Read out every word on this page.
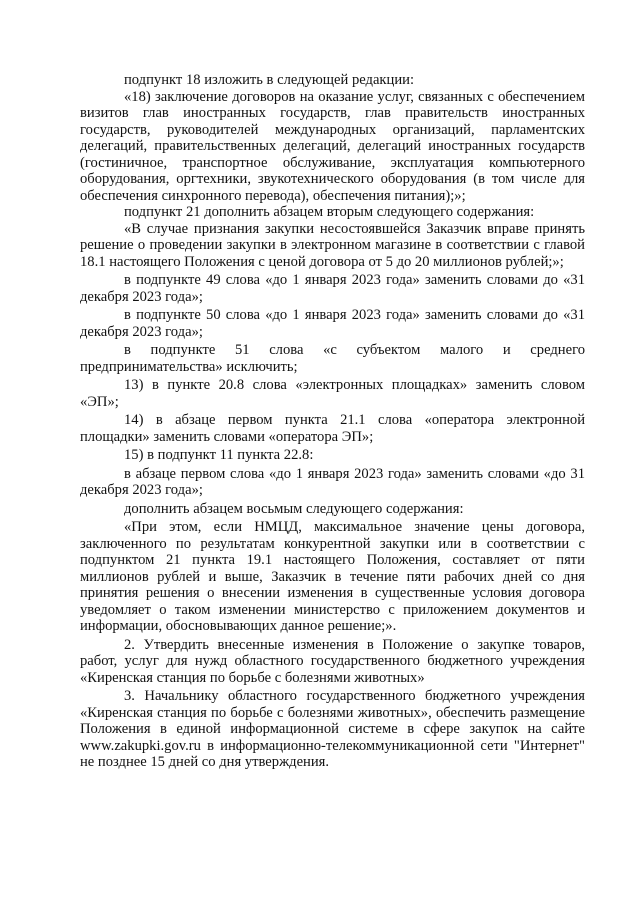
подпункт 18 изложить в следующей редакции:

«18) заключение договоров на оказание услуг, связанных с обеспечением визитов глав иностранных государств, глав правительств иностранных государств, руководителей международных организаций, парламентских делегаций, правительственных делегаций, делегаций иностранных государств (гостиничное, транспортное обслуживание, эксплуатация компьютерного оборудования, оргтехники, звукотехнического оборудования (в том числе для обеспечения синхронного перевода), обеспечения питания);»;

подпункт 21 дополнить абзацем вторым следующего содержания:

«В случае признания закупки несостоявшейся Заказчик вправе принять решение о проведении закупки в электронном магазине в соответствии с главой 18.1 настоящего Положения с ценой договора от 5 до 20 миллионов рублей;»;

в подпункте 49 слова «до 1 января 2023 года» заменить словами до «31 декабря 2023 года»;

в подпункте 50 слова «до 1 января 2023 года» заменить словами до «31 декабря 2023 года»;

в подпункте 51 слова «с субъектом малого и среднего предпринимательства» исключить;

13) в пункте 20.8 слова «электронных площадках» заменить словом «ЭП»;

14) в абзаце первом пункта 21.1 слова «оператора электронной площадки» заменить словами «оператора ЭП»;

15) в подпункт 11 пункта 22.8:

в абзаце первом слова «до 1 января 2023 года» заменить словами «до 31 декабря 2023 года»;

дополнить абзацем восьмым следующего содержания:

«При этом, если НМЦД, максимальное значение цены договора, заключенного по результатам конкурентной закупки или в соответствии с подпунктом 21 пункта 19.1 настоящего Положения, составляет от пяти миллионов рублей и выше, Заказчик в течение пяти рабочих дней со дня принятия решения о внесении изменения в существенные условия договора уведомляет о таком изменении министерство с приложением документов и информации, обосновывающих данное решение;».

2. Утвердить внесенные изменения в Положение о закупке товаров, работ, услуг для нужд областного государственного бюджетного учреждения «Киренская станция по борьбе с болезнями животных»

3. Начальнику областного государственного бюджетного учреждения «Киренская станция по борьбе с болезнями животных», обеспечить размещение Положения в единой информационной системе в сфере закупок на сайте www.zakupki.gov.ru в информационно-телекоммуникационной сети "Интернет" не позднее 15 дней со дня утверждения.
